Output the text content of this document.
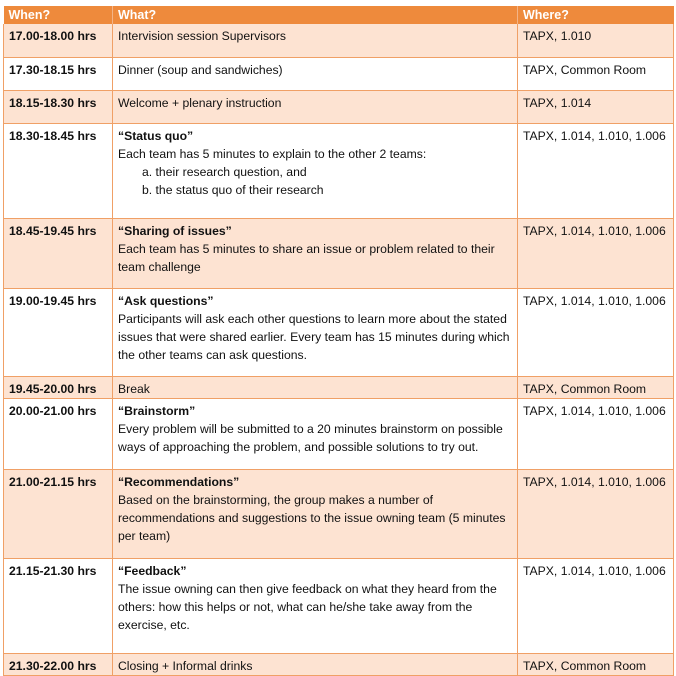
When?	What?	Where?
17.00-18.00 hrs	Intervision session Supervisors	TAPX, 1.010
17.30-18.15 hrs	Dinner (soup and sandwiches)	TAPX, Common Room
18.15-18.30 hrs	Welcome + plenary instruction	TAPX, 1.014
18.30-18.45 hrs	“Status quo”
Each team has 5 minutes to explain to the other 2 teams:
a. their research question, and
b. the status quo of their research	TAPX, 1.014, 1.010, 1.006
18.45-19.45 hrs	“Sharing of issues”
Each team has 5 minutes to share an issue or problem related to their team challenge	TAPX, 1.014, 1.010, 1.006
19.00-19.45 hrs	“Ask questions”
Participants will ask each other questions to learn more about the stated issues that were shared earlier. Every team has 15 minutes during which the other teams can ask questions.	TAPX, 1.014, 1.010, 1.006
19.45-20.00 hrs	Break	TAPX, Common Room
20.00-21.00 hrs	“Brainstorm”
Every problem will be submitted to a 20 minutes brainstorm on possible ways of approaching the problem, and possible solutions to try out.	TAPX, 1.014, 1.010, 1.006
21.00-21.15 hrs	“Recommendations”
Based on the brainstorming, the group makes a number of recommendations and suggestions to the issue owning team (5 minutes per team)	TAPX, 1.014, 1.010, 1.006
21.15-21.30 hrs	“Feedback”
The issue owning can then give feedback on what they heard from the others: how this helps or not, what can he/she take away from the exercise, etc.	TAPX, 1.014, 1.010, 1.006
21.30-22.00 hrs	Closing + Informal drinks	TAPX, Common Room
